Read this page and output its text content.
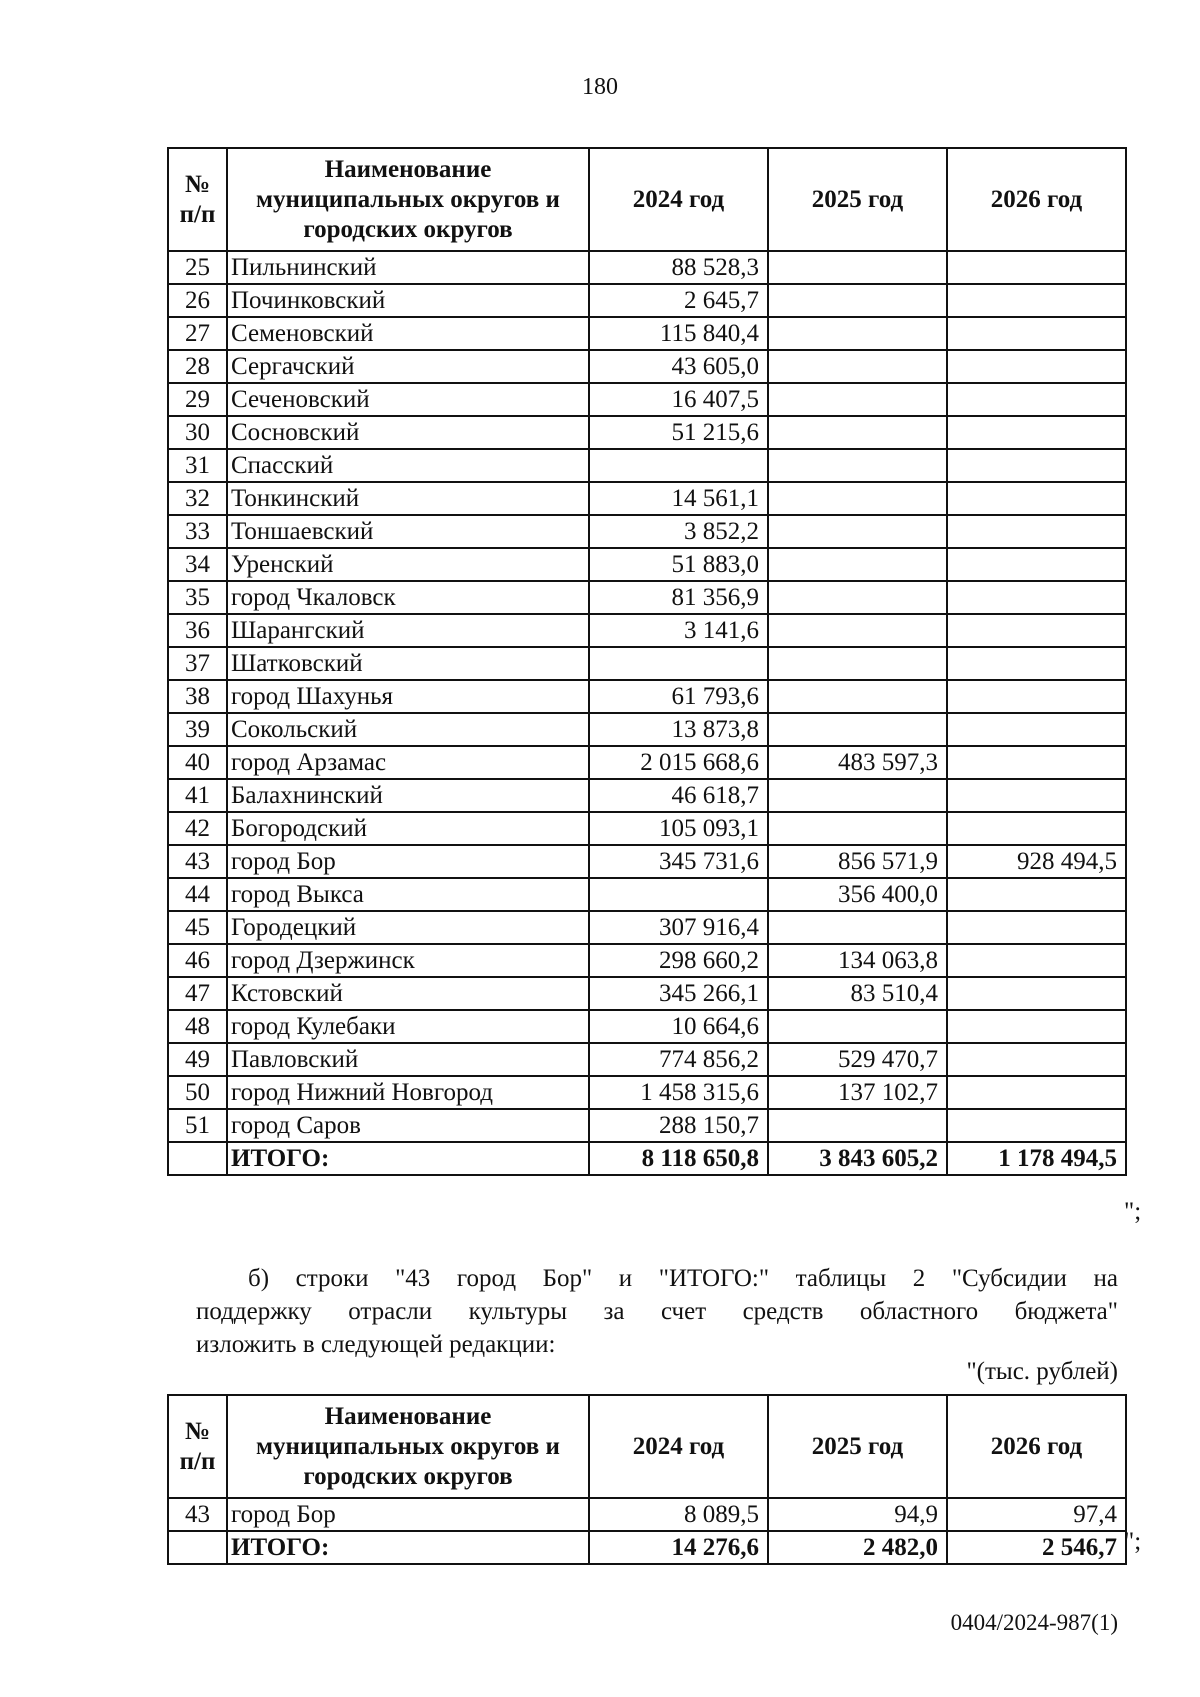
180
№ п/п	Наименование муниципальных округов и городских округов	2024 год	2025 год	2026 год
25	Пильнинский	88 528,3		
26	Починковский	2 645,7		
27	Семеновский	115 840,4		
28	Сергачский	43 605,0		
29	Сеченовский	16 407,5		
30	Сосновский	51 215,6		
31	Спасский			
32	Тонкинский	14 561,1		
33	Тоншаевский	3 852,2		
34	Уренский	51 883,0		
35	город Чкаловск	81 356,9		
36	Шарангский	3 141,6		
37	Шатковский			
38	город Шахунья	61 793,6		
39	Сокольский	13 873,8		
40	город Арзамас	2 015 668,6	483 597,3	
41	Балахнинский	46 618,7		
42	Богородский	105 093,1		
43	город Бор	345 731,6	856 571,9	928 494,5
44	город Выкса		356 400,0	
45	Городецкий	307 916,4		
46	город Дзержинск	298 660,2	134 063,8	
47	Кстовский	345 266,1	83 510,4	
48	город Кулебаки	10 664,6		
49	Павловский	774 856,2	529 470,7	
50	город Нижний Новгород	1 458 315,6	137 102,7	
51	город Саров	288 150,7		
	ИТОГО:	8 118 650,8	3 843 605,2	1 178 494,5
";
б) строки "43 город Бор" и "ИТОГО:" таблицы 2 "Субсидии на
поддержку отрасли культуры за счет средств областного бюджета"
изложить в следующей редакции:
"(тыс. рублей)
№ п/п	Наименование муниципальных округов и городских округов	2024 год	2025 год	2026 год
43	город Бор	8 089,5	94,9	97,4
	ИТОГО:	14 276,6	2 482,0	2 546,7 ";
0404/2024-987(1)
